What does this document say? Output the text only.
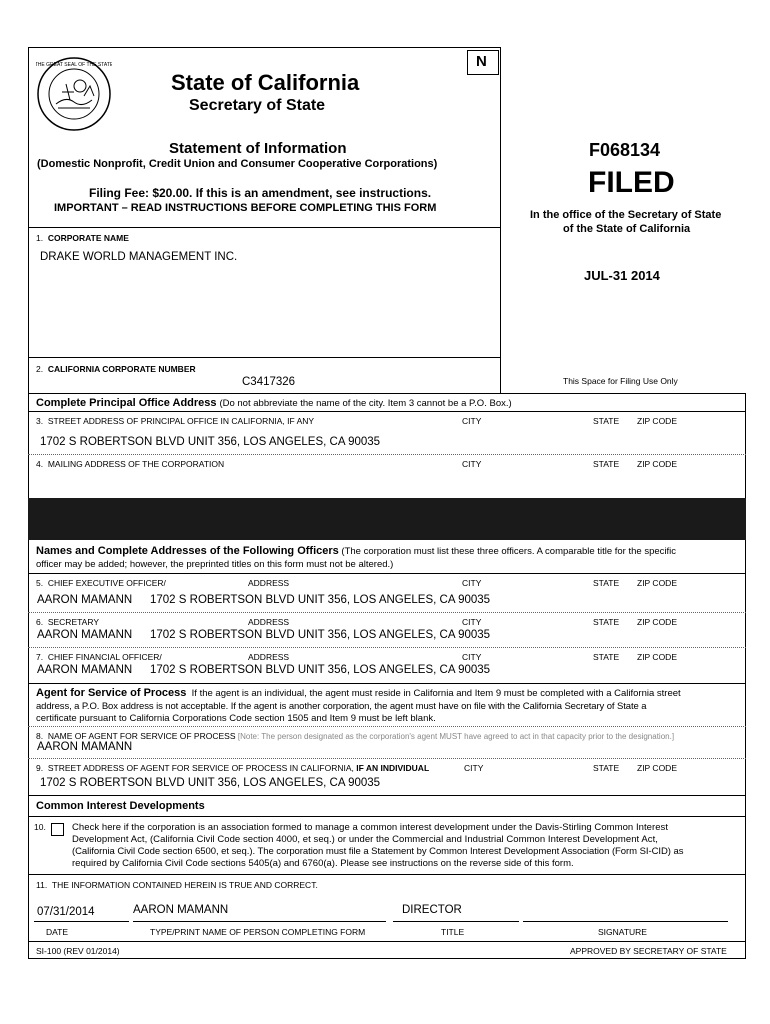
N
THE GREAT SEAL OF THE STATE
State of California
Secretary of State
Statement of Information
(Domestic Nonprofit, Credit Union and Consumer Cooperative Corporations)
Filing Fee: $20.00. If this is an amendment, see instructions.
IMPORTANT – READ INSTRUCTIONS BEFORE COMPLETING THIS FORM
F068134
FILED
In the office of the Secretary of State
of the State of California
JUL-31 2014
This Space for Filing Use Only
1. CORPORATE NAME
DRAKE WORLD MANAGEMENT INC.
2. CALIFORNIA CORPORATE NUMBER
C3417326
Complete Principal Office Address (Do not abbreviate the name of the city. Item 3 cannot be a P.O. Box.)
3. STREET ADDRESS OF PRINCIPAL OFFICE IN CALIFORNIA, IF ANY	CITY	STATE ZIP CODE
1702 S ROBERTSON BLVD UNIT 356, LOS ANGELES, CA 90035
4. MAILING ADDRESS OF THE CORPORATION	CITY	STATE ZIP CODE
Names and Complete Addresses of the Following Officers (The corporation must list these three officers. A comparable title for the specific
officer may be added; however, the preprinted titles on this form must not be altered.)
5. CHIEF EXECUTIVE OFFICER/	ADDRESS	CITY	STATE ZIP CODE
AARON MAMANN 1702 S ROBERTSON BLVD UNIT 356, LOS ANGELES, CA 90035
6. SECRETARY	ADDRESS	CITY	STATE ZIP CODE
AARON MAMANN 1702 S ROBERTSON BLVD UNIT 356, LOS ANGELES, CA 90035
7. CHIEF FINANCIAL OFFICER/	ADDRESS	CITY	STATE ZIP CODE
AARON MAMANN 1702 S ROBERTSON BLVD UNIT 356, LOS ANGELES, CA 90035
Agent for Service of Process If the agent is an individual, the agent must reside in California and Item 9 must be completed with a California street
address, a P.O. Box address is not acceptable. If the agent is another corporation, the agent must have on file with the California Secretary of State a
certificate pursuant to California Corporations Code section 1505 and Item 9 must be left blank.
8. NAME OF AGENT FOR SERVICE OF PROCESS [Note: The person designated as the corporation's agent MUST have agreed to act in that capacity prior to the designation.]
AARON MAMANN
9. STREET ADDRESS OF AGENT FOR SERVICE OF PROCESS IN CALIFORNIA, IF AN INDIVIDUAL	CITY	STATE ZIP CODE
1702 S ROBERTSON BLVD UNIT 356, LOS ANGELES, CA 90035
Common Interest Developments
10.	Check here if the corporation is an association formed to manage a common interest development under the Davis-Stirling Common Interest
Development Act, (California Civil Code section 4000, et seq.) or under the Commercial and Industrial Common Interest Development Act,
(California Civil Code section 6500, et seq.). The corporation must file a Statement by Common Interest Development Association (Form SI-CID) as
required by California Civil Code sections 5405(a) and 6760(a). Please see instructions on the reverse side of this form.
11. THE INFORMATION CONTAINED HEREIN IS TRUE AND CORRECT.
07/31/2014	AARON MAMANN	DIRECTOR
DATE	TYPE/PRINT NAME OF PERSON COMPLETING FORM	TITLE	SIGNATURE
SI-100 (REV 01/2014)	APPROVED BY SECRETARY OF STATE
